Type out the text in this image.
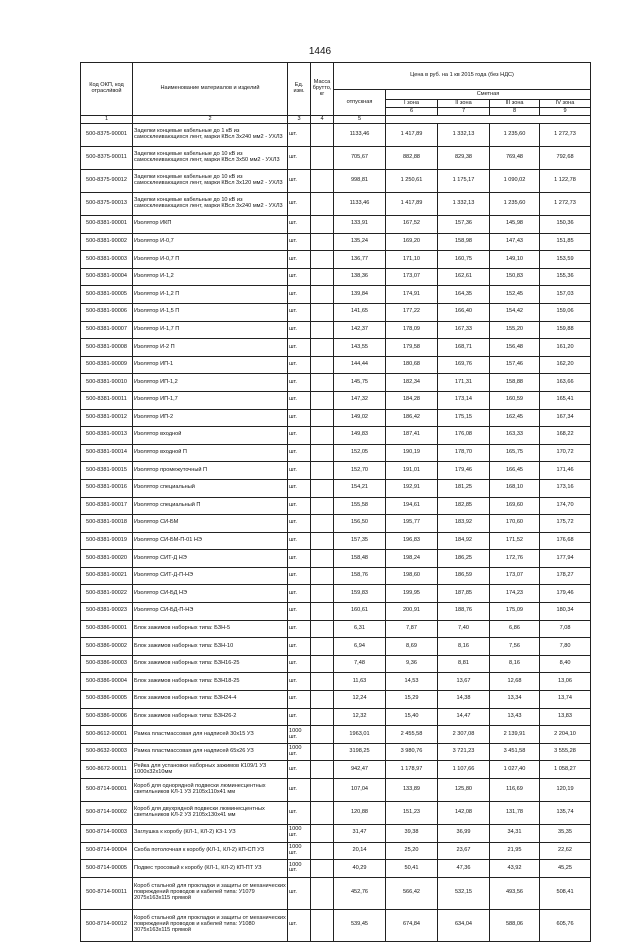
1446
Код ОКП, код отрасли́вой	Наименование материалов и изделий	Ед. изм.	Масса брутто, кг	Цена в руб. на 1 кв 2015 года (без НДС)				
				отпускная	Сметная			
					I зона	II зона	III зона	IV зона
					6	7	8	9
1	2	3	4	5				
500-8375-90001	Заделки концевые кабельные до 1 кВ из самосклеивающихся лент, марки КВсл 3х240 мм2 - УХЛ3	шт.		1133,46	1 417,89	1 332,13	1 235,60	1 272,73
500-8375-90011	Заделки концевые кабельные до 10 кВ из самосклеивающихся лент, марки КВсл 3х50 мм2 - УХЛ3	шт.		705,67	882,88	829,38	769,48	792,68
500-8375-90012	Заделки концевые кабельные до 10 кВ из самосклеивающихся лент, марки КВсл 3х120 мм2 - УХЛ3	шт.		998,81	1 250,61	1 175,17	1 090,02	1 122,78
500-8375-90013	Заделки концевые кабельные до 10 кВ из самосклеивающихся лент, марки КВсл 3х240 мм2 - УХЛ3	шт.		1133,46	1 417,89	1 332,13	1 235,60	1 272,73
500-8381-90001	Изолятор ИКП	шт.		133,91	167,52	157,36	145,98	150,36
500-8381-90002	Изолятор И-0,7	шт.		135,24	169,20	158,98	147,43	151,85
500-8381-90003	Изолятор И-0,7 П	шт.		136,77	171,10	160,75	149,10	153,59
500-8381-90004	Изолятор И-1,2	шт.		138,36	173,07	162,61	150,83	155,36
500-8381-90005	Изолятор И-1,2 П	шт.		139,84	174,91	164,35	152,45	157,03
500-8381-90006	Изолятор И-1,5 П	шт.		141,65	177,22	166,40	154,42	159,06
500-8381-90007	Изолятор И-1,7 П	шт.		142,37	178,09	167,33	155,20	159,88
500-8381-90008	Изолятор И-2 П	шт.		143,55	179,58	168,71	156,48	161,20
500-8381-90009	Изолятор ИП-1	шт.		144,44	180,68	169,76	157,46	162,20
500-8381-90010	Изолятор ИП-1,2	шт.		145,75	182,34	171,31	158,88	163,66
500-8381-90011	Изолятор ИП-1,7	шт.		147,32	184,28	173,14	160,59	165,41
500-8381-90012	Изолятор ИП-2	шт.		149,02	186,42	175,15	162,45	167,34
500-8381-90013	Изолятор входной	шт.		149,83	187,41	176,08	163,33	168,22
500-8381-90014	Изолятор входной П	шт.		152,05	190,19	178,70	165,75	170,72
500-8381-90015	Изолятор промежуточный П	шт.		152,70	191,01	179,46	166,45	171,46
500-8381-90016	Изолятор специальный	шт.		154,21	192,91	181,25	168,10	173,16
500-8381-90017	Изолятор специальный П	шт.		155,58	194,61	182,85	169,60	174,70
500-8381-90018	Изолятор СИ-БМ	шт.		156,50	195,77	183,92	170,60	175,72
500-8381-90019	Изолятор СИ-БМ-П-01 НЭ	шт.		157,35	196,83	184,92	171,52	176,68
500-8381-90020	Изолятор СИТ-Д НЭ	шт.		158,48	198,24	186,25	172,76	177,94
500-8381-90021	Изолятор СИТ-Д-П-НЭ	шт.		158,76	198,60	186,59	173,07	178,27
500-8381-90022	Изолятор СИ-БД НЭ	шт.		159,83	199,95	187,85	174,23	179,46
500-8381-90023	Изолятор СИ-БД-П-НЭ	шт.		160,61	200,91	188,76	175,09	180,34
500-8386-90001	Блок зажимов наборных типа: БЗН-5	шт.		6,31	7,87	7,40	6,86	7,08
500-8386-90002	Блок зажимов наборных типа: БЗН-10	шт.		6,94	8,69	8,16	7,56	7,80
500-8386-90003	Блок зажимов наборных типа: БЗН16-25	шт.		7,48	9,36	8,81	8,16	8,40
500-8386-90004	Блок зажимов наборных типа: БЗН18-25	шт.		11,63	14,53	13,67	12,68	13,06
500-8386-90005	Блок зажимов наборных типа: БЗН24-4	шт.		12,24	15,29	14,38	13,34	13,74
500-8386-90006	Блок зажимов наборных типа: БЗН26-2	шт.		12,32	15,40	14,47	13,43	13,83
500-8612-90001	Рамка пластмассовая для надписей 30х15 УЗ	1000 шт.		1963,01	2 455,58	2 307,08	2 139,91	2 204,10
500-8632-90003	Рамка пластмассовая для надписей 65х26 УЗ	1000 шт.		3198,25	3 980,76	3 721,23	3 451,58	3 555,28
500-8672-90011	Рейка для установки наборных зажимов К109/1 УЗ 1000х32х10мм	шт.		942,47	1 178,97	1 107,66	1 027,40	1 058,27
500-8714-90001	Короб для однорядной подвески люминесцентных светильников КЛ-1 УЗ 2105х110х41 мм	шт.		107,04	133,89	125,80	116,69	120,19
500-8714-90002	Короб для двухрядной подвески люминесцентных светильников КЛ-2 УЗ 2105х130х41 мм	шт.		120,88	151,23	142,08	131,78	135,74
500-8714-90003	Заглушка к коробу (КЛ-1, КЛ-2) КЗ-1 УЗ	1000 шт.		31,47	39,38	36,99	34,31	35,35
500-8714-90004	Скоба потолочная к коробу (КЛ-1, КЛ-2) КП-СП УЗ	1000 шт.		20,14	25,20	23,67	21,95	22,62
500-8714-90005	Подвес тросовый к коробу (КЛ-1, КЛ-2) КП-ПТ УЗ	1000 шт.		40,29	50,41	47,36	43,92	45,25
500-8714-90011	Короб стальной для прокладки и защиты от механических повреждений проводов и кабелей типа: У1079 2075х163х115 прямой	шт.		452,76	566,42	532,15	493,56	508,41
500-8714-90012	Короб стальной для прокладки и защиты от механических повреждений проводов и кабелей типа: У1080 3075х163х115 прямой	шт.		539,45	674,84	634,04	588,06	605,76
